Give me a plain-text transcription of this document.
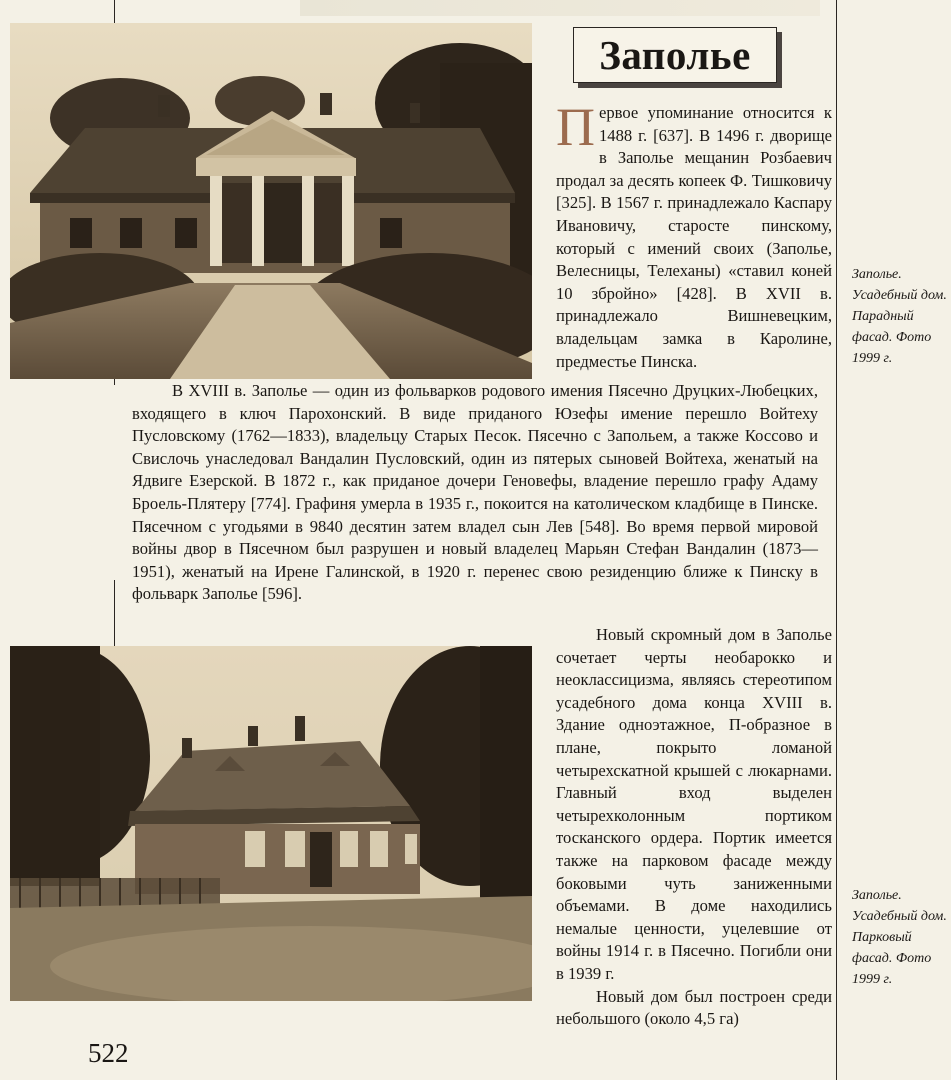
Заполье

Первое упоминание относится к 1488 г. [637]. В 1496 г. дворище в Заполье мещанин Розбаевич продал за десять копеек Ф. Тишковичу [325]. В 1567 г. принадлежало Каспару Ивановичу, старосте пинскому, который с имений своих (Заполье, Велесницы, Телеханы) «ставил коней 10 збройно» [428]. В XVII в. принадлежало Вишневецким, владельцам замка в Каролине, предместье Пинска.

В XVIII в. Заполье — один из фольварков родового имения Пясечно Друцких-Любецких, входящего в ключ Парохонский. В виде приданого Юзефы имение перешло Войтеху Пусловскому (1762—1833), владельцу Старых Песок. Пясечно с Запольем, а также Коссово и Свислочь унаследовал Вандалин Пусловский, один из пятерых сыновей Войтеха, женатый на Ядвиге Езерской. В 1872 г., как приданое дочери Геновефы, владение перешло графу Адаму Броель-Плятеру [774]. Графиня умерла в 1935 г., покоится на католическом кладбище в Пинске. Пясечном с угодьями в 9840 десятин затем владел сын Лев [548]. Во время первой мировой войны двор в Пясечном был разрушен и новый владелец Марьян Стефан Вандалин (1873—1951), женатый на Ирене Галинской, в 1920 г. перенес свою резиденцию ближе к Пинску в фольварк Заполье [596].

Новый скромный дом в Заполье сочетает черты необарокко и неоклассицизма, являясь стереотипом усадебного дома конца XVIII в. Здание одноэтажное, П-образное в плане, покрыто ломаной четырехскатной крышей с люкарнами. Главный вход выделен четырехколонным портиком тосканского ордера. Портик имеется также на парковом фасаде между боковыми чуть заниженными объемами. В доме находились немалые ценности, уцелевшие от войны 1914 г. в Пясечно. Погибли они в 1939 г.

Новый дом был построен среди небольшого (около 4,5 га)

Заполье. Усадебный дом. Парадный фасад. Фото 1999 г.
Заполье. Усадебный дом. Парковый фасад. Фото 1999 г.
522
